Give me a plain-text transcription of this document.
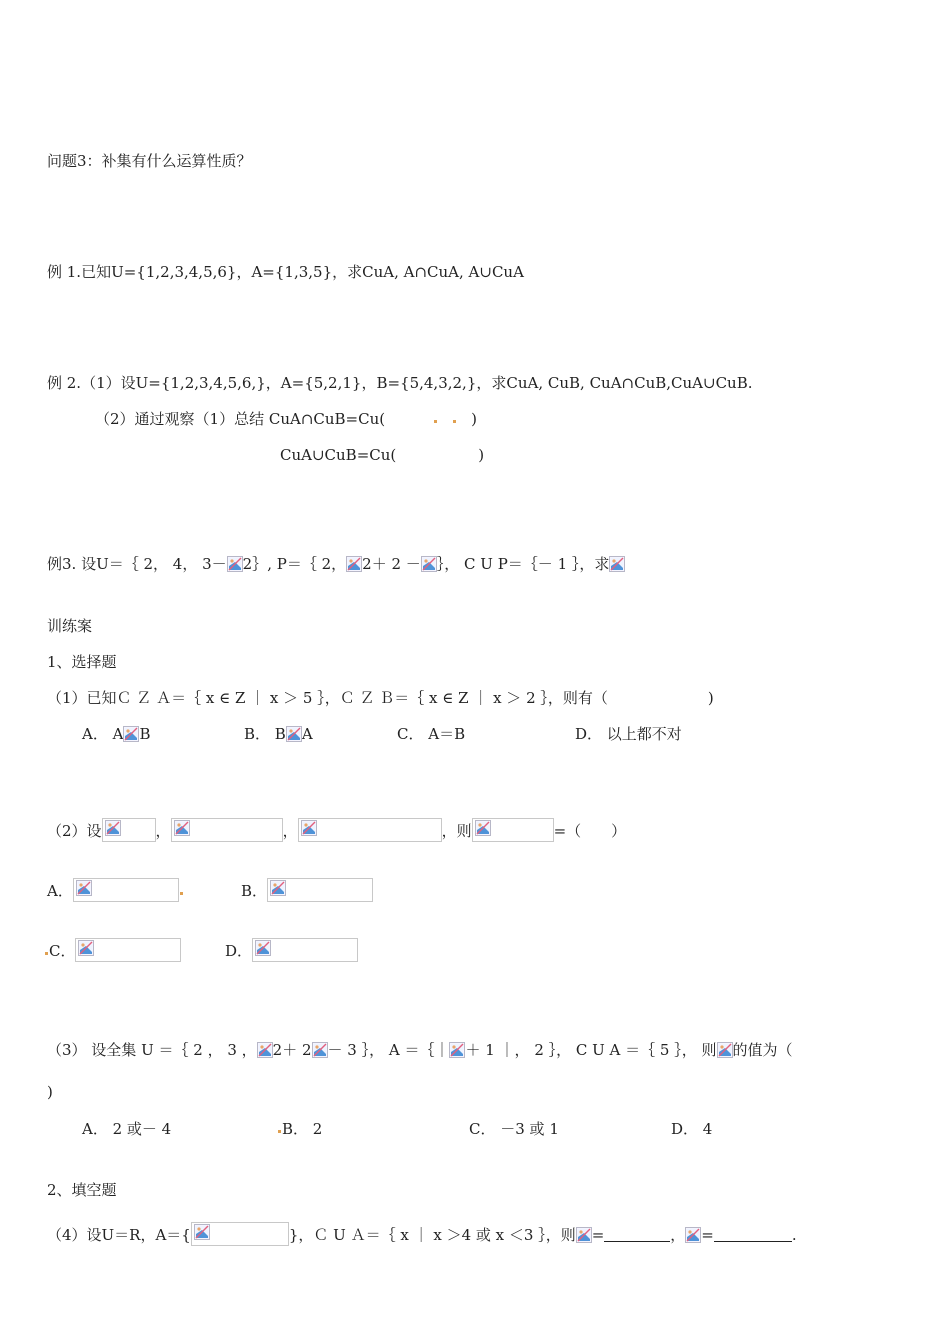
问题3：补集有什么运算性质？
例 1.已知U={1,2,3,4,5,6}，A={1,3,5}，求CuA, A∩CuA, A∪CuA
例 2.（1）设U={1,2,3,4,5,6,}，A={5,2,1}，B={5,4,3,2,}，求CuA, CuB, CuA∩CuB,CuA∪CuB.
（2）通过观察（1）总结 CuA∩CuB=Cu(	)
CuA∪CuB=Cu(	)
例3. 设U＝｛ 2， 4， 3－ 2｝, P＝｛ 2， 2＋ 2 － ｝， C U P＝｛－ 1 ｝，求
训练案
1、选择题
（1）已知Ｃ Ｚ Ａ＝｛ x ∈ Z ｜ x ＞ 5 ｝，Ｃ Ｚ Ｂ＝｛ x ∈ Z ｜ x ＞ 2 ｝，则有（	)
A． A B	B． B A	C． A＝B	D． 以上都不对
（2）设	，	，	，则	=（ ）
A．	B．
C．	D．
（3） 设全集 U ＝｛ 2 ， 3 ， 2＋ 2 － 3 ｝， A ＝｛｜ ＋ 1 ｜， 2 ｝， C U A ＝｛ 5 ｝， 则 的值为（
)
A． 2 或－ 4	B． 2	C． －3 或 1	D． 4
2、填空题
（4）设U＝R，A＝{	}，Ｃ U Ａ＝｛ x ｜ x ＞4 或 x ＜3 ｝，则 =	， =	.
